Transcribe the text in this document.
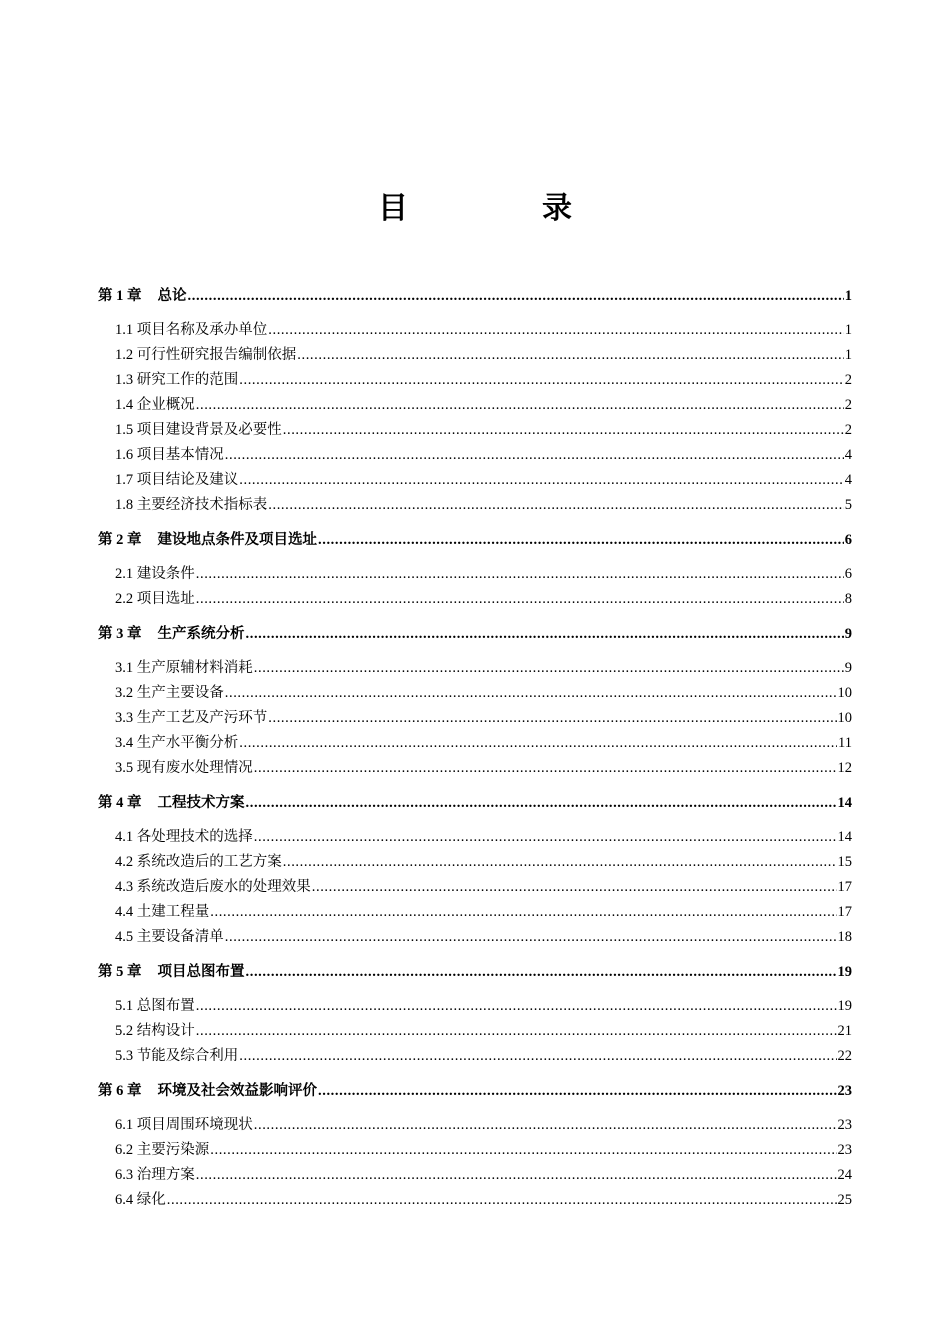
目　录
第 1 章 总论 .....	1
1.1 项目名称及承办单位 .....	1
1.2 可行性研究报告编制依据 .....	1
1.3 研究工作的范围 .....	2
1.4 企业概况 .....	2
1.5 项目建设背景及必要性 .....	2
1.6 项目基本情况 .....	4
1.7 项目结论及建议 .....	4
1.8 主要经济技术指标表 .....	5
第 2 章 建设地点条件及项目选址 .....	6
2.1 建设条件 .....	6
2.2 项目选址 .....	8
第 3 章 生产系统分析 .....	9
3.1 生产原辅材料消耗 .....	9
3.2 生产主要设备 .....	10
3.3 生产工艺及产污环节 .....	10
3.4 生产水平衡分析 .....	11
3.5 现有废水处理情况 .....	12
第 4 章 工程技术方案 .....	14
4.1 各处理技术的选择 .....	14
4.2 系统改造后的工艺方案 .....	15
4.3 系统改造后废水的处理效果 .....	17
4.4 土建工程量 .....	17
4.5 主要设备清单 .....	18
第 5 章 项目总图布置 .....	19
5.1 总图布置 .....	19
5.2 结构设计 .....	21
5.3 节能及综合利用 .....	22
第 6 章 环境及社会效益影响评价 .....	23
6.1 项目周围环境现状 .....	23
6.2 主要污染源 .....	23
6.3 治理方案 .....	24
6.4 绿化 .....	25
